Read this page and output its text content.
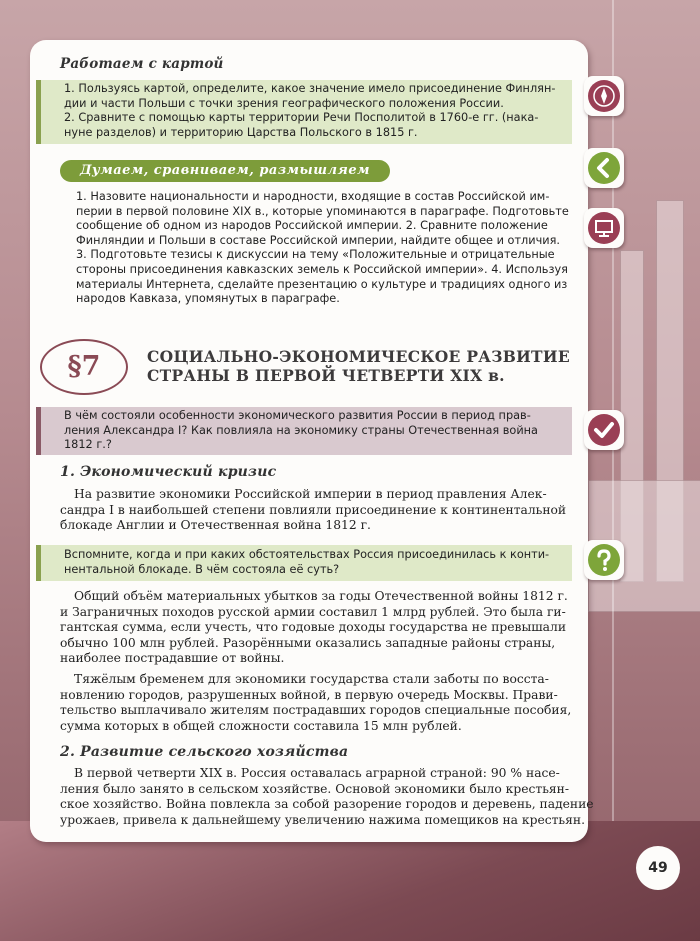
Работаем с картой
1. Пользуясь картой, определите, какое значение имело присоединение Финлян-
дии и части Польши с точки зрения географического положения России.
2. Сравните с помощью карты территории Речи Посполитой в 1760-е гг. (нака-
нуне разделов) и территорию Царства Польского в 1815 г.
Думаем, сравниваем, размышляем
1. Назовите национальности и народности, входящие в состав Российской им-
перии в первой половине XIX в., которые упоминаются в параграфе. Подготовьте
сообщение об одном из народов Российской империи. 2. Сравните положение
Финляндии и Польши в составе Российской империи, найдите общее и отличия.
3. Подготовьте тезисы к дискуссии на тему «Положительные и отрицательные
стороны присоединения кавказских земель к Российской империи». 4. Используя
материалы Интернета, сделайте презентацию о культуре и традициях одного из
народов Кавказа, упомянутых в параграфе.
§7	СОЦИАЛЬНО-ЭКОНОМИЧЕСКОЕ РАЗВИТИЕ
СТРАНЫ В ПЕРВОЙ ЧЕТВЕРТИ XIX в.
В чём состояли особенности экономического развития России в период прав-
ления Александра I? Как повлияла на экономику страны Отечественная война
1812 г.?
1. Экономический кризис
На развитие экономики Российской империи в период правления Алек-
сандра I в наибольшей степени повлияли присоединение к континентальной
блокаде Англии и Отечественная война 1812 г.
Вспомните, когда и при каких обстоятельствах Россия присоединилась к конти-
нентальной блокаде. В чём состояла её суть?
Общий объём материальных убытков за годы Отечественной войны 1812 г.
и Заграничных походов русской армии составил 1 млрд рублей. Это была ги-
гантская сумма, если учесть, что годовые доходы государства не превышали
обычно 100 млн рублей. Разорёнными оказались западные районы страны,
наиболее пострадавшие от войны.
Тяжёлым бременем для экономики государства стали заботы по восста-
новлению городов, разрушенных войной, в первую очередь Москвы. Прави-
тельство выплачивало жителям пострадавших городов специальные пособия,
сумма которых в общей сложности составила 15 млн рублей.
2. Развитие сельского хозяйства
В первой четверти XIX в. Россия оставалась аграрной страной: 90 % насе-
ления было занято в сельском хозяйстве. Основой экономики было крестьян-
ское хозяйство. Война повлекла за собой разорение городов и деревень, падение
урожаев, привела к дальнейшему увеличению нажима помещиков на крестьян.
49
